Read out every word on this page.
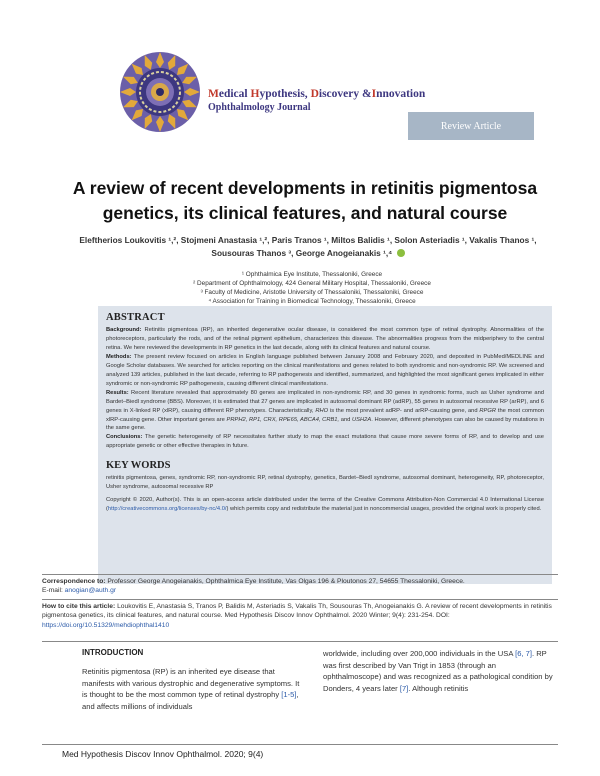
Medical Hypothesis, Discovery &Innovation
Ophthalmology Journal
Review Article
A review of recent developments in retinitis pigmentosa genetics, its clinical features, and natural course
Eleftherios Loukovitis ¹,², Stojmeni Anastasia ¹,², Paris Tranos ¹, Miltos Balidis ¹, Solon Asteriadis ¹, Vakalis Thanos ¹, Sousouras Thanos ³, George Anogeianakis ¹,⁴
¹ Ophthalmica Eye Institute, Thessaloniki, Greece
² Department of Ophthalmology, 424 General Military Hospital, Thessaloniki, Greece
³ Faculty of Medicine, Aristotle University of Thessaloniki, Thessaloniki, Greece
⁴ Association for Training in Biomedical Technology, Thessaloniki, Greece
ABSTRACT

Background: Retinitis pigmentosa (RP), an inherited degenerative ocular disease, is considered the most common type of retinal dystrophy. Abnormalities of the photoreceptors, particularly the rods, and of the retinal pigment epithelium, characterizes this disease. The abnormalities progress from the midperiphery to the central retina. We here reviewed the developments in RP genetics in the last decade, along with its clinical features and natural course.

Methods: The present review focused on articles in English language published between January 2008 and February 2020, and deposited in PubMed/MEDLINE and Google Scholar databases. We searched for articles reporting on the clinical manifestations and genes related to both syndromic and non-syndromic RP. We screened and analyzed 139 articles, published in the last decade, referring to RP pathogenesis and identified, summarized, and highlighted the most significant genes implicated in either syndromic or non-syndromic RP pathogenesis, causing different clinical manifestations.

Results: Recent literature revealed that approximately 80 genes are implicated in non-syndromic RP, and 30 genes in syndromic forms, such as Usher syndrome and Bardet–Biedl syndrome (BBS). Moreover, it is estimated that 27 genes are implicated in autosomal dominant RP (adRP), 55 genes in autosomal recessive RP (arRP), and 6 genes in X-linked RP (xlRP), causing different RP phenotypes. Characteristically, RHO is the most prevalent adRP- and arRP-causing gene, and RPGR the most common xlRP-causing gene. Other important genes are PRPH2, RP1, CRX, RPE65, ABCA4, CRB1, and USH2A. However, different phenotypes can also be caused by mutations in the same gene.

Conclusions: The genetic heterogeneity of RP necessitates further study to map the exact mutations that cause more severe forms of RP, and to develop and use appropriate genetic or other effective therapies in future.

KEY WORDS

retinitis pigmentosa, genes, syndromic RP, non-syndromic RP, retinal dystrophy, genetics, Bardet–Biedl syndrome, autosomal dominant, heterogeneity, RP, photoreceptor, Usher syndrome, autosomal recessive RP

Copyright © 2020, Author(s). This is an open-access article distributed under the terms of the Creative Commons Attribution-Non Commercial 4.0 International License (http://creativecommons.org/licenses/by-nc/4.0/) which permits copy and redistribute the material just in noncommercial usages, provided the original work is properly cited.

Correspondence to: Professor George Anogeianakis, Ophthalmica Eye Institute, Vas Olgas 196 & Ploutonos 27, 54655 Thessaloniki, Greece.
E-mail: anogian@auth.gr
How to cite this article: Loukovitis E, Anastasia S, Tranos P, Balidis M, Asteriadis S, Vakalis Th, Sousouras Th, Anogeianakis G. A review of recent developments in retinitis pigmentosa genetics, its clinical features, and natural course. Med Hypothesis Discov Innov Ophthalmol. 2020 Winter; 9(4): 231-254. DOI: https://doi.org/10.51329/mehdiophthal1410
INTRODUCTION

Retinitis pigmentosa (RP) is an inherited eye disease that manifests with various dystrophic and degenerative symptoms. It is thought to be the most common type of retinal dystrophy [1-5], and affects millions of individuals

worldwide, including over 200,000 individuals in the USA [6, 7]. RP was first described by Van Trigt in 1853 (through an ophthalmoscope) and was recognized as a pathological condition by Donders, 4 years later [7]. Although retinitis

Med Hypothesis Discov Innov Ophthalmol. 2020; 9(4)
